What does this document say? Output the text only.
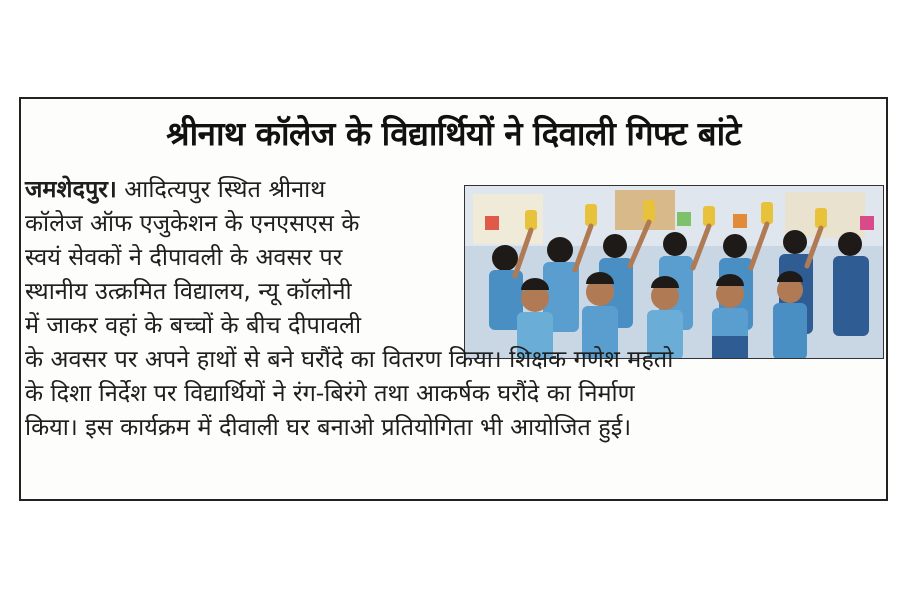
श्रीनाथ कॉलेज के विद्यार्थियों ने दिवाली गिफ्ट बांटे
जमशेदपुर। आदित्यपुर स्थित श्रीनाथ
कॉलेज ऑफ एजुकेशन के एनएसएस के
स्वयं सेवकों ने दीपावली के अवसर पर
स्थानीय उत्क्रमित विद्यालय, न्यू कॉलोनी
में जाकर वहां के बच्चों के बीच दीपावली
के अवसर पर अपने हाथों से बने घरौंदे का वितरण किया। शिक्षक गणेश महतो
के दिशा निर्देश पर विद्यार्थियों ने रंग-बिरंगे तथा आकर्षक घरौंदे का निर्माण
किया। इस कार्यक्रम में दीवाली घर बनाओ प्रतियोगिता भी आयोजित हुई।
